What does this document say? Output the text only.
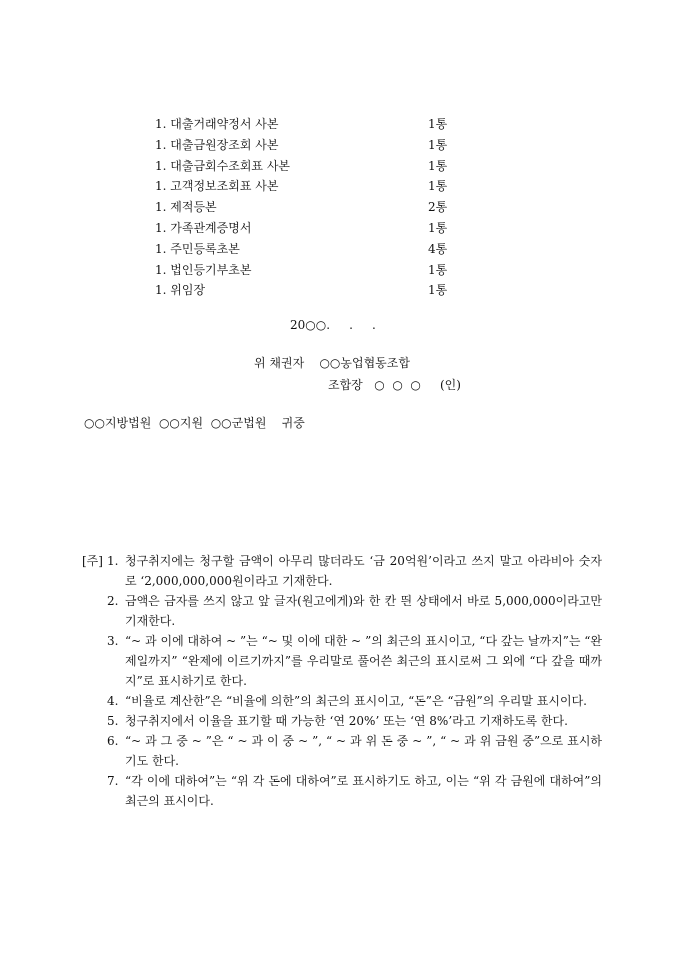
1. 대출거래약정서 사본	1통
1. 대출금원장조회 사본	1통
1. 대출금회수조회표 사본	1통
1. 고객정보조회표 사본	1통
1. 제적등본	2통
1. 가족관계증명서	1통
1. 주민등록초본	4통
1. 법인등기부초본	1통
1. 위임장	1통
20○○.     .     .
위 채권자    ○○농업협동조합
조합장   ○  ○  ○     (인)
○○지방법원  ○○지원  ○○군법원    귀중
[주] 1. 청구취지에는 청구할 금액이 아무리 많더라도 ‘금 20억원’이라고 쓰지 말고 아라비아 숫자로 ‘2,000,000,000원이라고 기재한다.
2. 금액은 금자를 쓰지 않고 앞 글자(원고에게)와 한 칸 띈 상태에서 바로 5,000,000이라고만 기재한다.
3. “~ 과 이에 대하여 ~ ”는 “~ 및 이에 대한 ~ ”의 최근의 표시이고, “다 갚는 날까지”는 “완제일까지” “완제에 이르기까지”를 우리말로 풀어쓴 최근의 표시로써 그 외에 “다 갚을 때까지”로 표시하기로 한다.
4. “비율로 계산한”은 “비율에 의한”의 최근의 표시이고, “돈”은 “금원”의 우리말 표시이다.
5. 청구취지에서 이율을 표기할 때 가능한 ‘연 20%’ 또는 ‘연 8%’라고 기재하도록 한다.
6. “~ 과 그 중 ~ ”은 “ ~ 과 이 중 ~ ”, “ ~ 과 위 돈 중 ~ ”, “ ~ 과 위 금원 중”으로 표시하기도 한다.
7. “각 이에 대하여”는 “위 각 돈에 대하여”로 표시하기도 하고, 이는 “위 각 금원에 대하여”의 최근의 표시이다.
